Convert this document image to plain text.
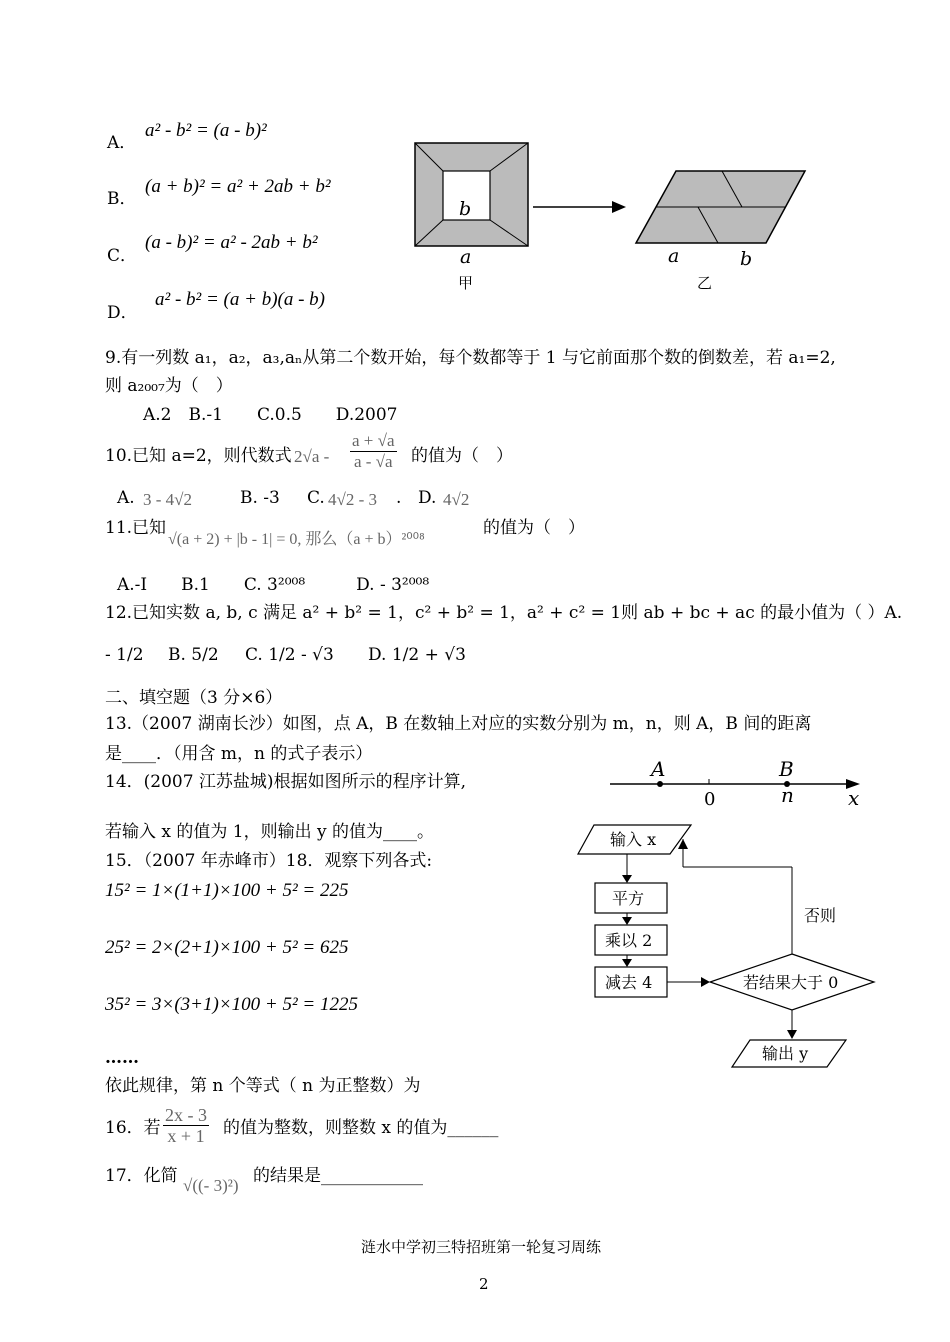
A．
a² - b² = (a - b)²
B．
(a + b)² = a² + 2ab + b²
C．
(a - b)² = a² - 2ab + b²
D．
a² - b² = (a + b)(a - b)
b
a
甲
a	b
乙
9.有一列数 a₁，a₂，a₃,aₙ从第二个数开始，每个数都等于 1 与它前面那个数的倒数差，若 a₁=2,
则 a₂₀₀₇为（　）
A.2　B.-1　　C.0.5　　D.2007
10.已知 a=2，则代数式 $2√a - \frac{a + √a}{a - √a}$ 的值为（　）
A. 3 - 4√2	B. -3 C. 4√2 - 3 . D. 4√2
11.已知
√(a + 2) + |b - 1| = 0, 那么（a + b）²⁰⁰⁸
的值为（　）
A.-I　　B.1　　C. 3²⁰⁰⁸　　　D. - 3²⁰⁰⁸
12.已知实数 a, b, c 满足 a² + b² = 1，c² + b² = 1，a² + c² = 1则 ab + bc + ac 的最小值为（ ）A.
- 1/2 B. 5/2 C. 1/2 - √3 D. 1/2 + √3
二、填空题（3 分×6）
13.（2007 湖南长沙）如图，点 A，B 在数轴上对应的实数分别为 m，n，则 A，B 间的距离
是____．（用含 m，n 的式子表示）
A	B
0	n	x
14．(2007 江苏盐城)根据如图所示的程序计算,
若输入 x 的值为 1，则输出 y 的值为____。	输入 x
平方
乘以 2
减去 4	若结果大于 0
否则
输出 y
15．（2007 年赤峰市）18．观察下列各式:
15² = 1×(1+1)×100 + 5² = 225
25² = 2×(2+1)×100 + 5² = 625
35² = 3×(3+1)×100 + 5² = 1225
……
依此规律，第 n 个等式（ n 为正整数）为
16．若 $\frac{2x - 3}{x + 1}$ 的值为整数，则整数 x 的值为______
17．化简 √((- 3)²) 的结果是____________
涟水中学初三特招班第一轮复习周练
2
